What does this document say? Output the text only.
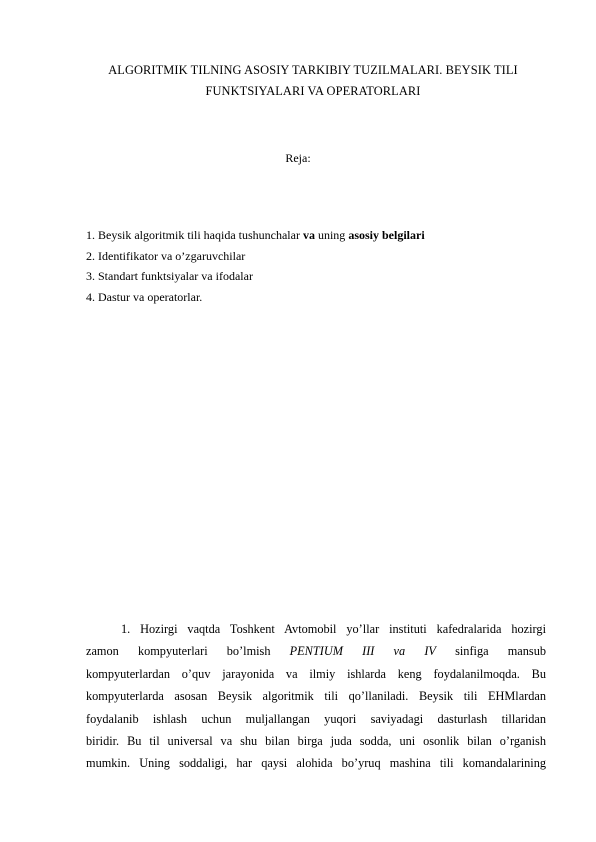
ALGORITMIK TILNING ASOSIY TARKIBIY TUZILMALARI. BEYSIK TILI
FUNKTSIYALARI VA OPERATORLARI
Reja:
1. Beysik algoritmik tili haqida tushunchalar va uning asosiy belgilari
2. Identifikator va o’zgaruvchilar
3. Standart funktsiyalar va ifodalar
4. Dastur va operatorlar.
1. Hozirgi vaqtda Toshkent Avtomobil yo’llar instituti kafedralarida hozirgi
zamon kompyuterlari bo’lmish PENTIUM III va IV sinfiga mansub
kompyuterlardan o’quv jarayonida va ilmiy ishlarda keng foydalanilmoqda. Bu
kompyuterlarda asosan Beysik algoritmik tili qo’llaniladi. Beysik tili EHMlardan
foydalanib ishlash uchun muljallangan yuqori saviyadagi dasturlash tillaridan
biridir. Bu til universal va shu bilan birga juda sodda, uni osonlik bilan o’rganish
mumkin. Uning soddaligi, har qaysi alohida bo’yruq mashina tili komandalarining
